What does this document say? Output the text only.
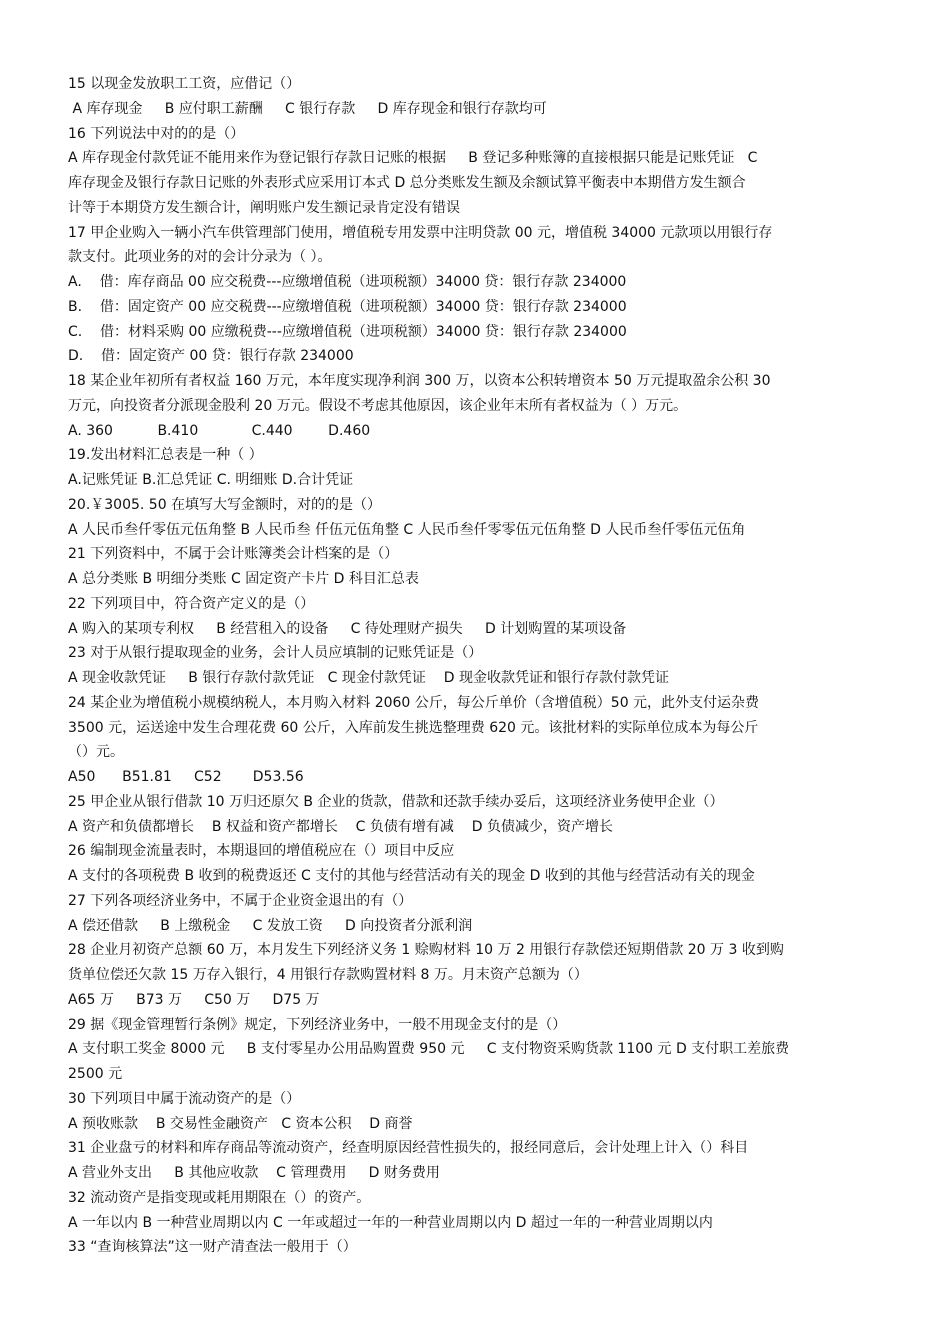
15 以现金发放职工工资，应借记（）
A 库存现金     B 应付职工薪酬     C 银行存款     D 库存现金和银行存款均可
16 下列说法中对的的是（）
A 库存现金付款凭证不能用来作为登记银行存款日记账的根据     B 登记多种账簿的直接根据只能是记账凭证   C
库存现金及银行存款日记账的外表形式应采用订本式 D 总分类账发生额及余额试算平衡表中本期借方发生额合
计等于本期贷方发生额合计，阐明账户发生额记录肯定没有错误
17 甲企业购入一辆小汽车供管理部门使用，增值税专用发票中注明贷款 00 元，增值税 34000 元款项以用银行存
款支付。此项业务的对的会计分录为（ ）。
A.    借：库存商品 00 应交税费---应缴增值税（进项税额）34000 贷：银行存款 234000
B.    借：固定资产 00 应交税费---应缴增值税（进项税额）34000 贷：银行存款 234000
C.    借：材料采购 00 应缴税费---应缴增值税（进项税额）34000 贷：银行存款 234000
D.    借：固定资产 00 贷：银行存款 234000
18 某企业年初所有者权益 160 万元，本年度实现净利润 300 万，以资本公积转增资本 50 万元提取盈余公积 30
万元，向投资者分派现金股利 20 万元。假设不考虑其他原因，该企业年末所有者权益为（ ）万元。
A. 360          B.410            C.440        D.460
19.发出材料汇总表是一种（ ）
A.记账凭证 B.汇总凭证 C. 明细账 D.合计凭证
20.￥3005. 50 在填写大写金额时，对的的是（）
A 人民币叁仟零伍元伍角整 B 人民币叁 仟伍元伍角整 C 人民币叁仟零零伍元伍角整 D 人民币叁仟零伍元伍角
21 下列资料中，不属于会计账簿类会计档案的是（）
A 总分类账 B 明细分类账 C 固定资产卡片 D 科目汇总表
22 下列项目中，符合资产定义的是（）
A 购入的某项专利权     B 经营租入的设备     C 待处理财产损失     D 计划购置的某项设备
23 对于从银行提取现金的业务，会计人员应填制的记账凭证是（）
A 现金收款凭证     B 银行存款付款凭证   C 现金付款凭证    D 现金收款凭证和银行存款付款凭证
24 某企业为增值税小规模纳税人，本月购入材料 2060 公斤，每公斤单价（含增值税）50 元，此外支付运杂费
3500 元，运送途中发生合理花费 60 公斤，入库前发生挑选整理费 620 元。该批材料的实际单位成本为每公斤
（）元。
A50      B51.81     C52       D53.56
25 甲企业从银行借款 10 万归还原欠 B 企业的货款，借款和还款手续办妥后，这项经济业务使甲企业（）
A 资产和负债都增长    B 权益和资产都增长    C 负债有增有减    D 负债减少，资产增长
26 编制现金流量表时，本期退回的增值税应在（）项目中反应
A 支付的各项税费 B 收到的税费返还 C 支付的其他与经营活动有关的现金 D 收到的其他与经营活动有关的现金
27 下列各项经济业务中，不属于企业资金退出的有（）
A 偿还借款     B 上缴税金     C 发放工资     D 向投资者分派利润
28 企业月初资产总额 60 万，本月发生下列经济义务 1 赊购材料 10 万 2 用银行存款偿还短期借款 20 万 3 收到购
货单位偿还欠款 15 万存入银行，4 用银行存款购置材料 8 万。月末资产总额为（）
A65 万     B73 万     C50 万     D75 万
29 据《现金管理暂行条例》规定，下列经济业务中，一般不用现金支付的是（）
A 支付职工奖金 8000 元     B 支付零星办公用品购置费 950 元     C 支付物资采购货款 1100 元 D 支付职工差旅费
2500 元
30 下列项目中属于流动资产的是（）
A 预收账款    B 交易性金融资产   C 资本公积    D 商誉
31 企业盘亏的材料和库存商品等流动资产，经查明原因经营性损失的，报经同意后，会计处理上计入（）科目
A 营业外支出     B 其他应收款    C 管理费用     D 财务费用
32 流动资产是指变现或耗用期限在（）的资产。
A 一年以内 B 一种营业周期以内 C 一年或超过一年的一种营业周期以内 D 超过一年的一种营业周期以内
33 “查询核算法”这一财产清查法一般用于（）
